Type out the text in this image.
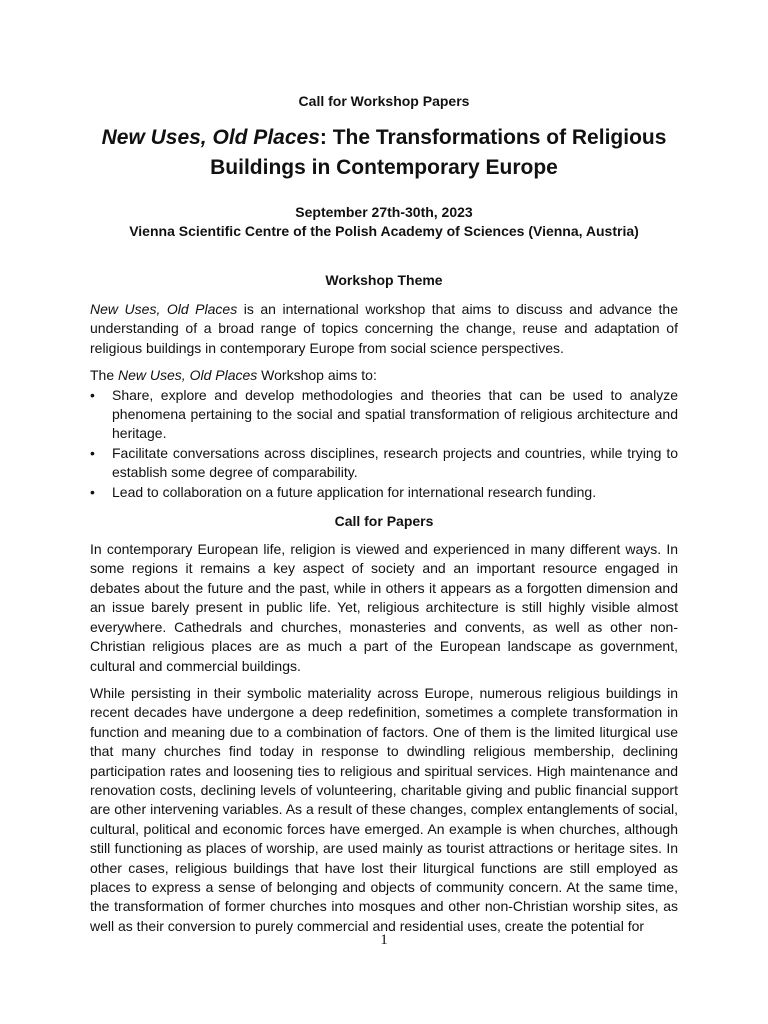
Call for Workshop Papers
New Uses, Old Places: The Transformations of Religious
Buildings in Contemporary Europe
September 27th-30th, 2023
Vienna Scientific Centre of the Polish Academy of Sciences (Vienna, Austria)
Workshop Theme

New Uses, Old Places is an international workshop that aims to discuss and advance the understanding of a broad range of topics concerning the change, reuse and adaptation of religious buildings in contemporary Europe from social science perspectives.

The New Uses, Old Places Workshop aims to:

•	Share, explore and develop methodologies and theories that can be used to analyze phenomena pertaining to the social and spatial transformation of religious architecture and heritage.
•	Facilitate conversations across disciplines, research projects and countries, while trying to establish some degree of comparability.
•	Lead to collaboration on a future application for international research funding.
Call for Papers

In contemporary European life, religion is viewed and experienced in many different ways. In some regions it remains a key aspect of society and an important resource engaged in debates about the future and the past, while in others it appears as a forgotten dimension and an issue barely present in public life. Yet, religious architecture is still highly visible almost everywhere. Cathedrals and churches, monasteries and convents, as well as other non-Christian religious places are as much a part of the European landscape as government, cultural and commercial buildings.

While persisting in their symbolic materiality across Europe, numerous religious buildings in recent decades have undergone a deep redefinition, sometimes a complete transformation in function and meaning due to a combination of factors. One of them is the limited liturgical use that many churches find today in response to dwindling religious membership, declining participation rates and loosening ties to religious and spiritual services. High maintenance and renovation costs, declining levels of volunteering, charitable giving and public financial support are other intervening variables. As a result of these changes, complex entanglements of social, cultural, political and economic forces have emerged. An example is when churches, although still functioning as places of worship, are used mainly as tourist attractions or heritage sites. In other cases, religious buildings that have lost their liturgical functions are still employed as places to express a sense of belonging and objects of community concern. At the same time, the transformation of former churches into mosques and other non-Christian worship sites, as well as their conversion to purely commercial and residential uses, create the potential for

1
